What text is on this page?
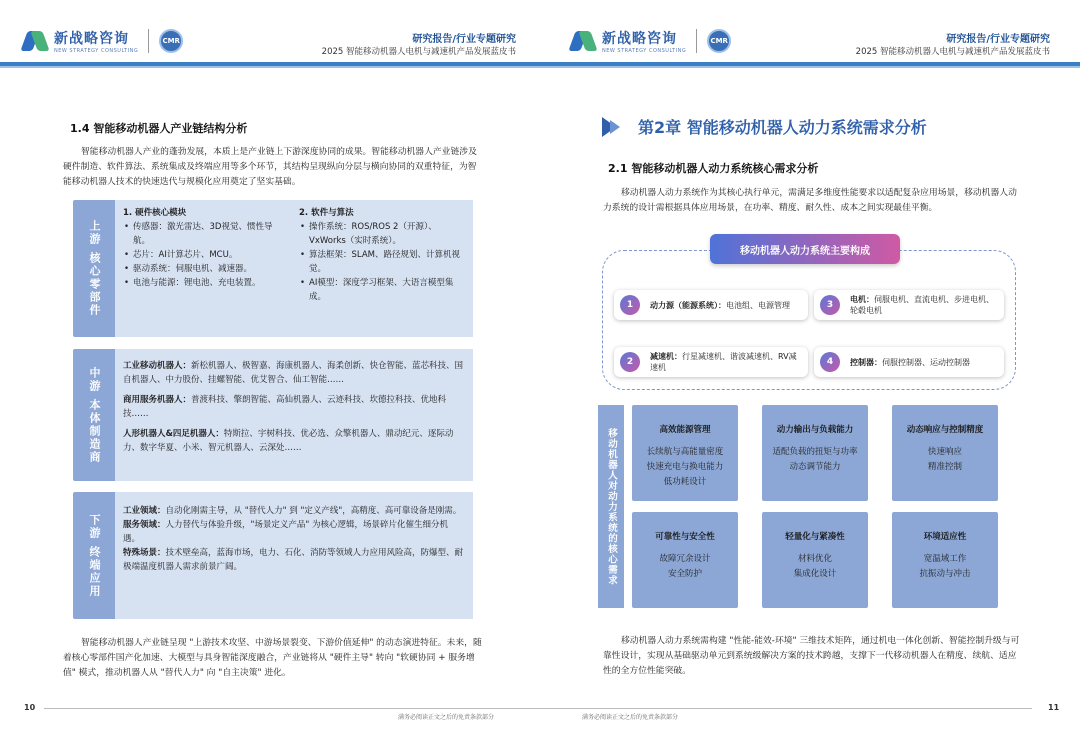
新战略咨询
NEW STRATEGY CONSULTING
CMR	研究报告/行业专题研究
2025 智能移动机器人电机与减速机产品发展蓝皮书
1.4 智能移动机器人产业链结构分析
智能移动机器人产业的蓬勃发展，本质上是产业链上下游深度协同的成果。智能移动机器人产业链涉及硬件制造、软件算法、系统集成及终端应用等多个环节，其结构呈现纵向分层与横向协同的双重特征，为智能移动机器人技术的快速迭代与规模化应用奠定了坚实基础。
上游 核心零部件
1. 硬件核心模块
• 传感器：激光雷达、3D视觉、惯性导航。
• 芯片：AI计算芯片、MCU。
• 驱动系统：伺服电机、减速器。
• 电池与能源：锂电池、充电装置。
2. 软件与算法
• 操作系统：ROS/ROS 2（开源）、VxWorks（实时系统）。
• 算法框架：SLAM、路径规划、计算机视觉。
• AI模型：深度学习框架、大语言模型集成。
中游 本体制造商
工业移动机器人：新松机器人、极智嘉、海康机器人、海柔创新、快仓智能、蓝芯科技、国自机器人、中力股份、挂螺智能、优艾智合、仙工智能……
商用服务机器人：普渡科技、擎朗智能、高仙机器人、云迹科技、坎德拉科技、优地科技……
人形机器人&四足机器人：特斯拉、宇树科技、优必选、众擎机器人、鼎动纪元、逐际动力、数字华夏、小米、智元机器人、云深处……
下游 终端应用
工业领域：自动化刚需主导，从 "替代人力" 到 "定义产线"，高精度、高可靠设备是刚需。
服务领域：人力替代与体验升级，"场景定义产品" 为核心逻辑，场景碎片化催生细分机遇。
特殊场景：技术壁垒高，蓝海市场，电力、石化、消防等领域人力应用风险高，防爆型、耐极端温度机器人需求前景广阔。
智能移动机器人产业链呈现 "上游技术攻坚、中游场景裂变、下游价值延伸" 的动态演进特征。未来，随着核心零部件国产化加速、大模型与具身智能深度融合，产业链将从 "硬件主导" 转向 "软硬协同 + 服务增值" 模式，推动机器人从 "替代人力" 向 "自主决策" 进化。
10
满务必阅读正文之后的免责条款部分
新战略咨询
NEW STRATEGY CONSULTING
CMR	研究报告/行业专题研究
2025 智能移动机器人电机与减速机产品发展蓝皮书
第2章 智能移动机器人动力系统需求分析
2.1 智能移动机器人动力系统核心需求分析
移动机器人动力系统作为其核心执行单元，需满足多维度性能要求以适配复杂应用场景，移动机器人动力系统的设计需根据具体应用场景，在功率、精度、耐久性、成本之间实现最佳平衡。
移动机器人动力系统主要构成
1	动力源（能源系统）：电池组、电源管理	3	电机：伺服电机、直流电机、步进电机、轮毂电机
2	减速机：行星减速机、谐波减速机、RV减速机
4	控制器：伺服控制器、运动控制器
移动机器人对动力系统的核心需求	高效能源管理
长续航与高能量密度
快速充电与换电能力
低功耗设计
动力输出与负载能力
适配负载的扭矩与功率
动态调节能力
动态响应与控制精度
快速响应
精准控制
可靠性与安全性
故障冗余设计
安全防护
轻量化与紧凑性
材料优化
集成化设计
环境适应性
宽温域工作
抗振动与冲击
移动机器人动力系统需构建 "性能-能效-环境" 三维技术矩阵，通过机电一体化创新、智能控制升级与可靠性设计，实现从基础驱动单元到系统级解决方案的技术跨越，支撑下一代移动机器人在精度、续航、适应性的全方位性能突破。
11
满务必阅读正文之后的免责条款部分
